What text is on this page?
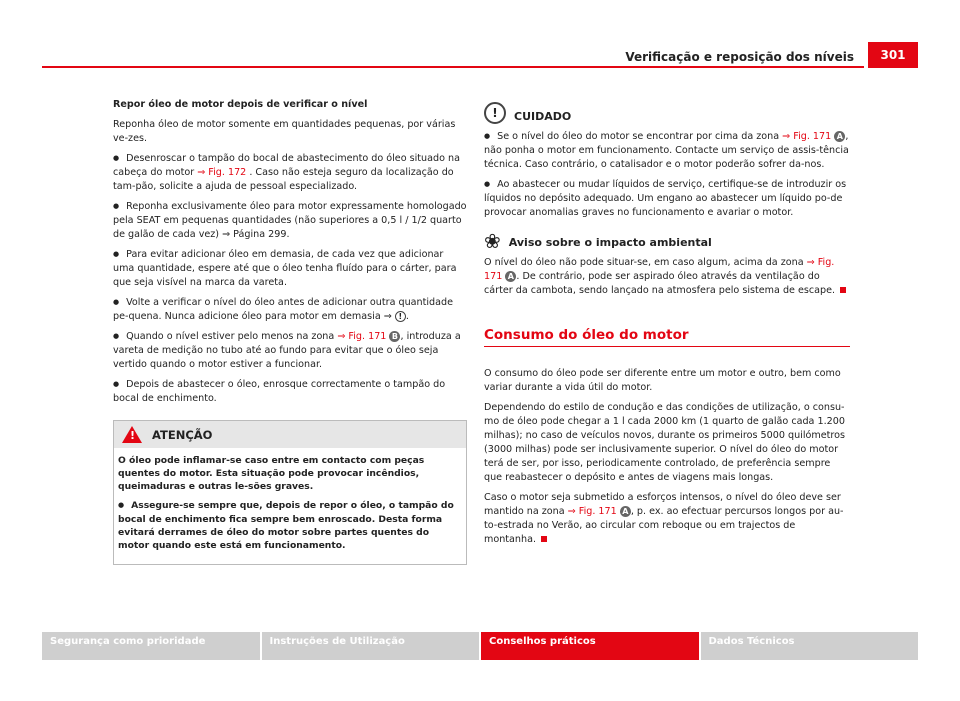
Verificação e reposição dos níveis	301

Repor óleo de motor depois de verificar o nível

Reponha óleo de motor somente em quantidades pequenas, por várias ve-zes.

● Desenroscar o tampão do bocal de abastecimento do óleo situado na cabeça do motor ⇒ Fig. 172 . Caso não esteja seguro da localização do tam-pão, solicite a ajuda de pessoal especializado.

● Reponha exclusivamente óleo para motor expressamente homologado pela SEAT em pequenas quantidades (não superiores a 0,5 l / 1/2 quarto de galão de cada vez) ⇒ Página 299.

● Para evitar adicionar óleo em demasia, de cada vez que adicionar uma quantidade, espere até que o óleo tenha fluído para o cárter, para que seja visível na marca da vareta.

● Volte a verificar o nível do óleo antes de adicionar outra quantidade pe-quena. Nunca adicione óleo para motor em demasia ⇒ ! .

● Quando o nível estiver pelo menos na zona ⇒ Fig. 171 B , introduza a vareta de medição no tubo até ao fundo para evitar que o óleo seja vertido quando o motor estiver a funcionar.

● Depois de abastecer o óleo, enrosque correctamente o tampão do bocal de enchimento.

! ATENÇÃO

O óleo pode inflamar-se caso entre em contacto com peças quentes do motor. Esta situação pode provocar incêndios, queimaduras e outras le-sões graves.

● Assegure-se sempre que, depois de repor o óleo, o tampão do bocal de enchimento fica sempre bem enroscado. Desta forma evitará derrames de óleo do motor sobre partes quentes do motor quando este está em funcionamento.

!	CUIDADO

● Se o nível do óleo do motor se encontrar por cima da zona ⇒ Fig. 171 A , não ponha o motor em funcionamento. Contacte um serviço de assis-tência técnica. Caso contrário, o catalisador e o motor poderão sofrer da-nos.

● Ao abastecer ou mudar líquidos de serviço, certifique-se de introduzir os líquidos no depósito adequado. Um engano ao abastecer um líquido po-de provocar anomalias graves no funcionamento e avariar o motor.

❀ Aviso sobre o impacto ambiental

O nível do óleo não pode situar-se, em caso algum, acima da zona ⇒ Fig. 171 A . De contrário, pode ser aspirado óleo através da ventilação do cárter da cambota, sendo lançado na atmosfera pelo sistema de escape.

Consumo do óleo do motor

O consumo do óleo pode ser diferente entre um motor e outro, bem como variar durante a vida útil do motor.

Dependendo do estilo de condução e das condições de utilização, o consu-mo de óleo pode chegar a 1 l cada 2000 km (1 quarto de galão cada 1.200 milhas); no caso de veículos novos, durante os primeiros 5000 quilómetros (3000 milhas) pode ser inclusivamente superior. O nível do óleo do motor terá de ser, por isso, periodicamente controlado, de preferência sempre que reabastecer o depósito e antes de viagens mais longas.

Caso o motor seja submetido a esforços intensos, o nível do óleo deve ser mantido na zona ⇒ Fig. 171 A , p. ex. ao efectuar percursos longos por au-to-estrada no Verão, ao circular com reboque ou em trajectos de montanha.

Segurança como prioridade	Instruções de Utilização	Conselhos práticos	Dados Técnicos
